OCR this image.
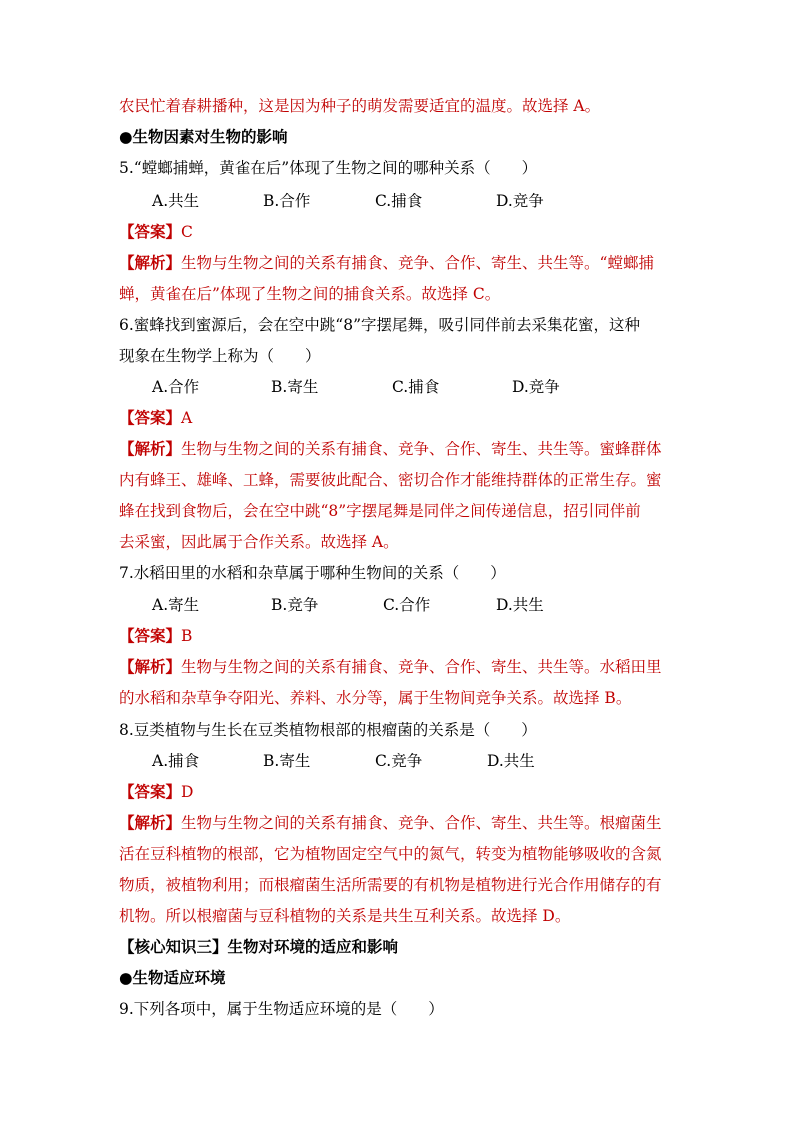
农民忙着春耕播种，这是因为种子的萌发需要适宜的温度。故选择 A。
●生物因素对生物的影响
5.“螳螂捕蝉，黄雀在后”体现了生物之间的哪种关系（　　）
A.共生	B.合作	C.捕食	D.竞争
【答案】C
【解析】生物与生物之间的关系有捕食、竞争、合作、寄生、共生等。“螳螂捕
蝉，黄雀在后”体现了生物之间的捕食关系。故选择 C。
6.蜜蜂找到蜜源后，会在空中跳“8”字摆尾舞，吸引同伴前去采集花蜜，这种
现象在生物学上称为（　　）
A.合作	B.寄生	C.捕食	D.竞争
【答案】A
【解析】生物与生物之间的关系有捕食、竞争、合作、寄生、共生等。蜜蜂群体
内有蜂王、雄峰、工蜂，需要彼此配合、密切合作才能维持群体的正常生存。蜜
蜂在找到食物后，会在空中跳“8”字摆尾舞是同伴之间传递信息，招引同伴前
去采蜜，因此属于合作关系。故选择 A。
7.水稻田里的水稻和杂草属于哪种生物间的关系（　　）
A.寄生	B.竞争	C.合作	D.共生
【答案】B
【解析】生物与生物之间的关系有捕食、竞争、合作、寄生、共生等。水稻田里
的水稻和杂草争夺阳光、养料、水分等，属于生物间竞争关系。故选择 B。
8.豆类植物与生长在豆类植物根部的根瘤菌的关系是（　　）
A.捕食	B.寄生	C.竞争	D.共生
【答案】D
【解析】生物与生物之间的关系有捕食、竞争、合作、寄生、共生等。根瘤菌生
活在豆科植物的根部，它为植物固定空气中的氮气，转变为植物能够吸收的含氮
物质，被植物利用；而根瘤菌生活所需要的有机物是植物进行光合作用储存的有
机物。所以根瘤菌与豆科植物的关系是共生互利关系。故选择 D。
【核心知识三】生物对环境的适应和影响
●生物适应环境
9.下列各项中，属于生物适应环境的是（　　）
